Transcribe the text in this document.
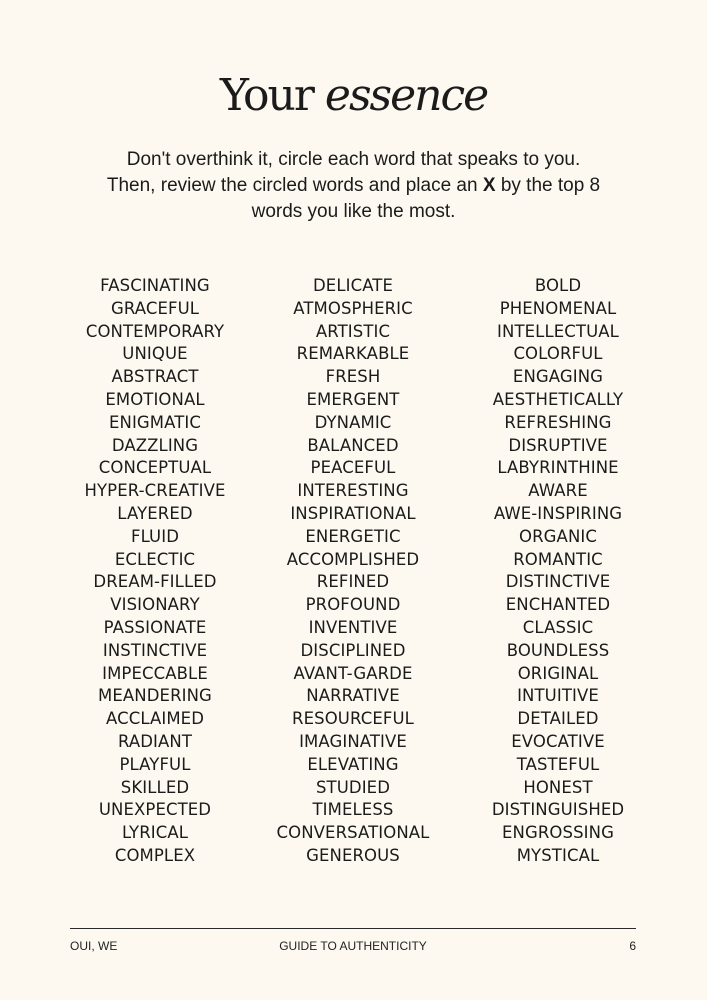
Your essence

Don't overthink it, circle each word that speaks to you. Then, review the circled words and place an X by the top 8 words you like the most.

FASCINATING
GRACEFUL
CONTEMPORARY
UNIQUE
ABSTRACT
EMOTIONAL
ENIGMATIC
DAZZLING
CONCEPTUAL
HYPER-CREATIVE
LAYERED
FLUID
ECLECTIC
DREAM-FILLED
VISIONARY
PASSIONATE
INSTINCTIVE
IMPECCABLE
MEANDERING
ACCLAIMED
RADIANT
PLAYFUL
SKILLED
UNEXPECTED
LYRICAL
COMPLEX
DELICATE
ATMOSPHERIC
ARTISTIC
REMARKABLE
FRESH
EMERGENT
DYNAMIC
BALANCED
PEACEFUL
INTERESTING
INSPIRATIONAL
ENERGETIC
ACCOMPLISHED
REFINED
PROFOUND
INVENTIVE
DISCIPLINED
AVANT-GARDE
NARRATIVE
RESOURCEFUL
IMAGINATIVE
ELEVATING
STUDIED
TIMELESS
CONVERSATIONAL
GENEROUS
BOLD
PHENOMENAL
INTELLECTUAL
COLORFUL
ENGAGING
AESTHETICALLY
REFRESHING
DISRUPTIVE
LABYRINTHINE
AWARE
AWE-INSPIRING
ORGANIC
ROMANTIC
DISTINCTIVE
ENCHANTED
CLASSIC
BOUNDLESS
ORIGINAL
INTUITIVE
DETAILED
EVOCATIVE
TASTEFUL
HONEST
DISTINGUISHED
ENGROSSING
MYSTICAL
OUI, WE	GUIDE TO AUTHENTICITY	6
